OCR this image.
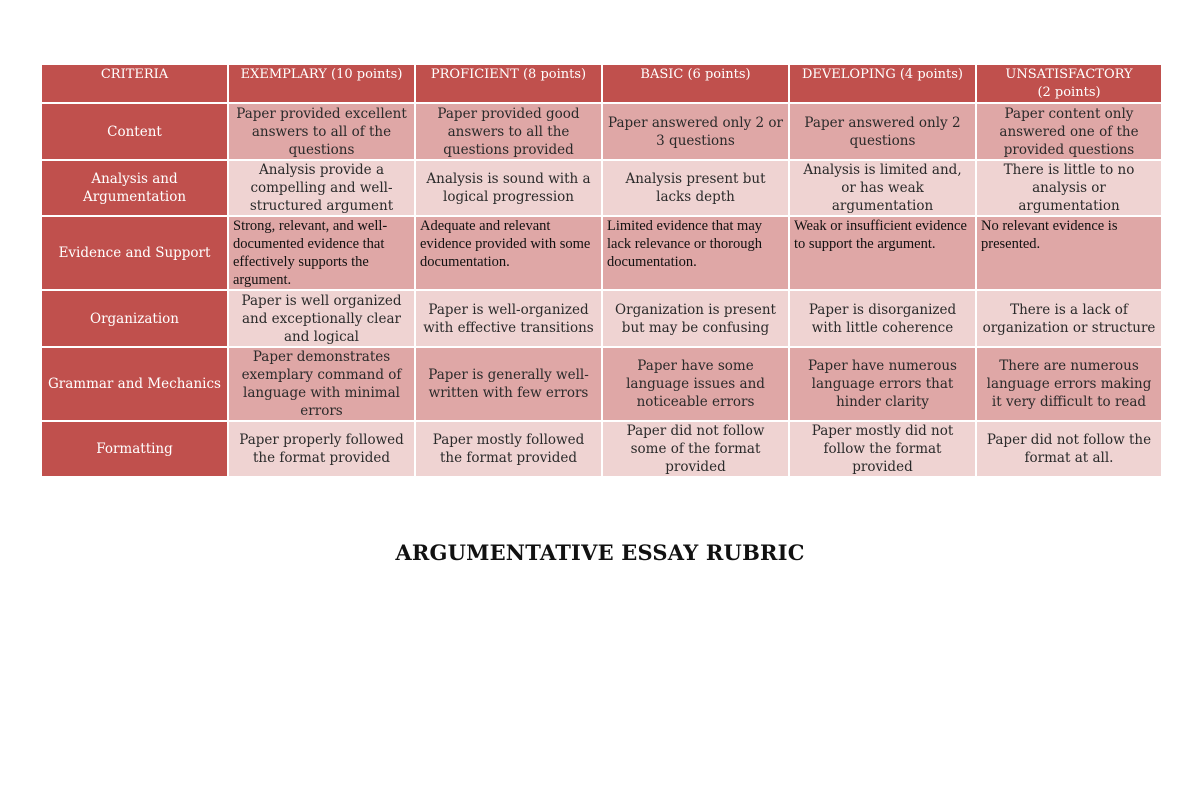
CRITERIA	EXEMPLARY (10 points)	PROFICIENT (8 points)	BASIC (6 points)	DEVELOPING (4 points)	UNSATISFACTORY
(2 points)
Content	Paper provided excellent answers to all of the questions	Paper provided good answers to all the questions provided	Paper answered only 2 or 3 questions	Paper answered only 2 questions	Paper content only answered one of the provided questions
Analysis and Argumentation	Analysis provide a compelling and well-structured argument	Analysis is sound with a logical progression	Analysis present but lacks depth	Analysis is limited and, or has weak argumentation	There is little to no analysis or argumentation
Evidence and Support	Strong, relevant, and well-documented evidence that effectively supports the argument.	Adequate and relevant evidence provided with some documentation.	Limited evidence that may lack relevance or thorough documentation.	Weak or insufficient evidence to support the argument.	No relevant evidence is presented.
Organization	Paper is well organized and exceptionally clear and logical	Paper is well-organized with effective transitions	Organization is present but may be confusing	Paper is disorganized with little coherence	There is a lack of organization or structure
Grammar and Mechanics	Paper demonstrates exemplary command of language with minimal errors	Paper is generally well-written with few errors	Paper have some language issues and noticeable errors	Paper have numerous language errors that hinder clarity	There are numerous language errors making it very difficult to read
Formatting	Paper properly followed the format provided	Paper mostly followed the format provided	Paper did not follow some of the format provided	Paper mostly did not follow the format provided	Paper did not follow the format at all.
ARGUMENTATIVE ESSAY RUBRIC
